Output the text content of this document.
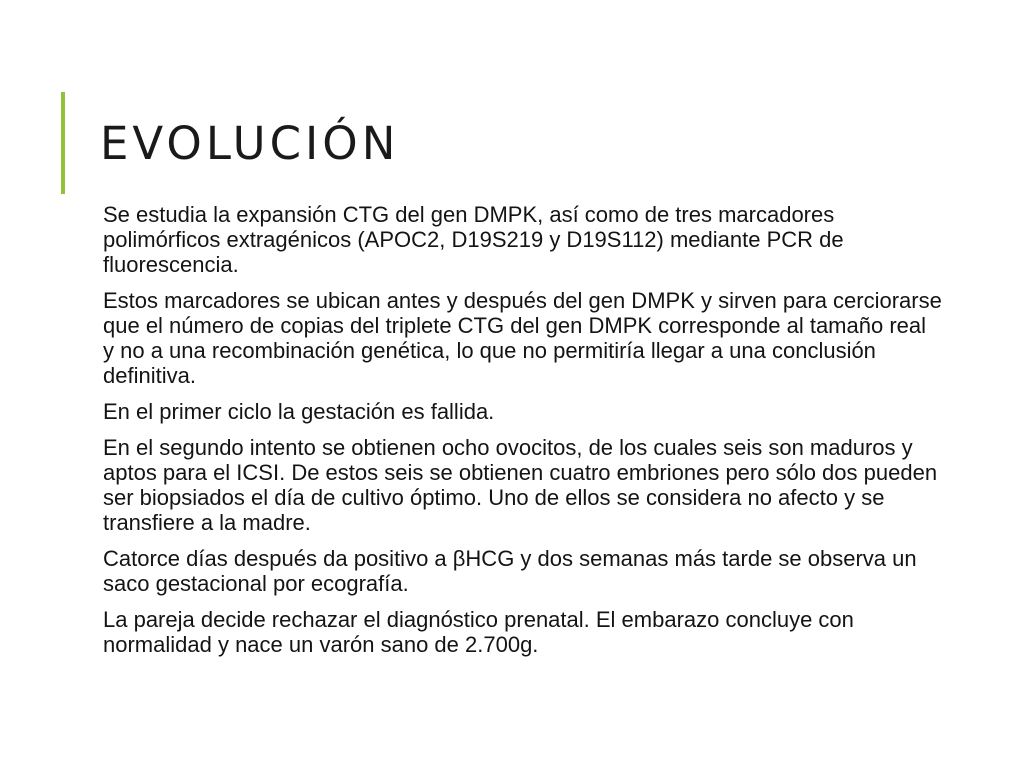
EVOLUCIÓN

Se estudia la expansión CTG del gen DMPK, así como de tres marcadores polimórficos extragénicos (APOC2, D19S219 y D19S112) mediante PCR de fluorescencia.

Estos marcadores se ubican antes y después del gen DMPK y sirven para cerciorarse que el número de copias del triplete CTG del gen DMPK corresponde al tamaño real y no a una recombinación genética, lo que no permitiría llegar a una conclusión definitiva.

En el primer ciclo la gestación es fallida.

En el segundo intento se obtienen ocho ovocitos, de los cuales seis son maduros y aptos para el ICSI. De estos seis se obtienen cuatro embriones pero sólo dos pueden ser biopsiados el día de cultivo óptimo. Uno de ellos se considera no afecto y se transfiere a la madre.

Catorce días después da positivo a βHCG y dos semanas más tarde se observa un saco gestacional por ecografía.

La pareja decide rechazar el diagnóstico prenatal. El embarazo concluye con normalidad y nace un varón sano de 2.700g.
